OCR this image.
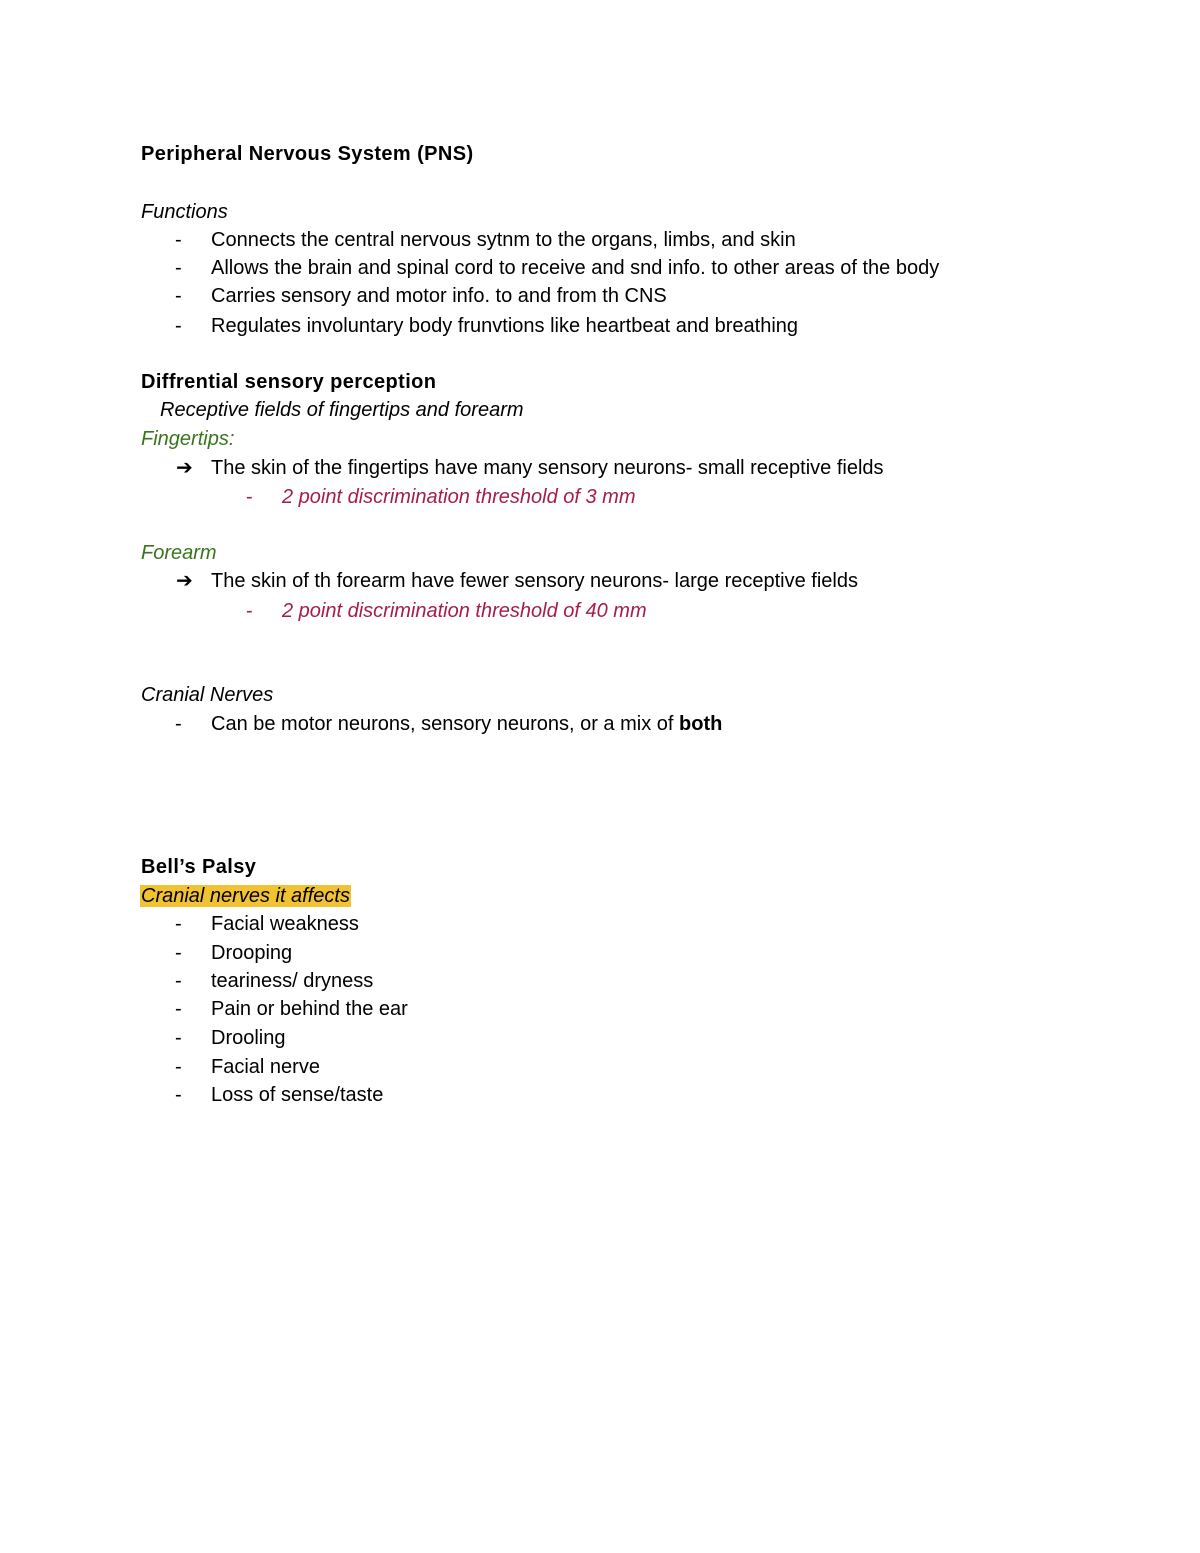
Peripheral Nervous System (PNS)
Functions
- Connects the central nervous sytnm to the organs, limbs, and skin
- Allows the brain and spinal cord to receive and snd info. to other areas of the body
- Carries sensory and motor info. to and from th CNS
- Regulates involuntary body frunvtions like heartbeat and breathing
Diffrential sensory perception
Receptive fields of fingertips and forearm
Fingertips:
➔ The skin of the fingertips have many sensory neurons- small receptive fields
- 2 point discrimination threshold of 3 mm
Forearm
➔ The skin of th forearm have fewer sensory neurons- large receptive fields
- 2 point discrimination threshold of 40 mm
Cranial Nerves
- Can be motor neurons, sensory neurons, or a mix of both
Bell’s Palsy
Cranial nerves it affects
- Facial weakness
- Drooping
- teariness/ dryness
- Pain or behind the ear
- Drooling
- Facial nerve
- Loss of sense/taste
